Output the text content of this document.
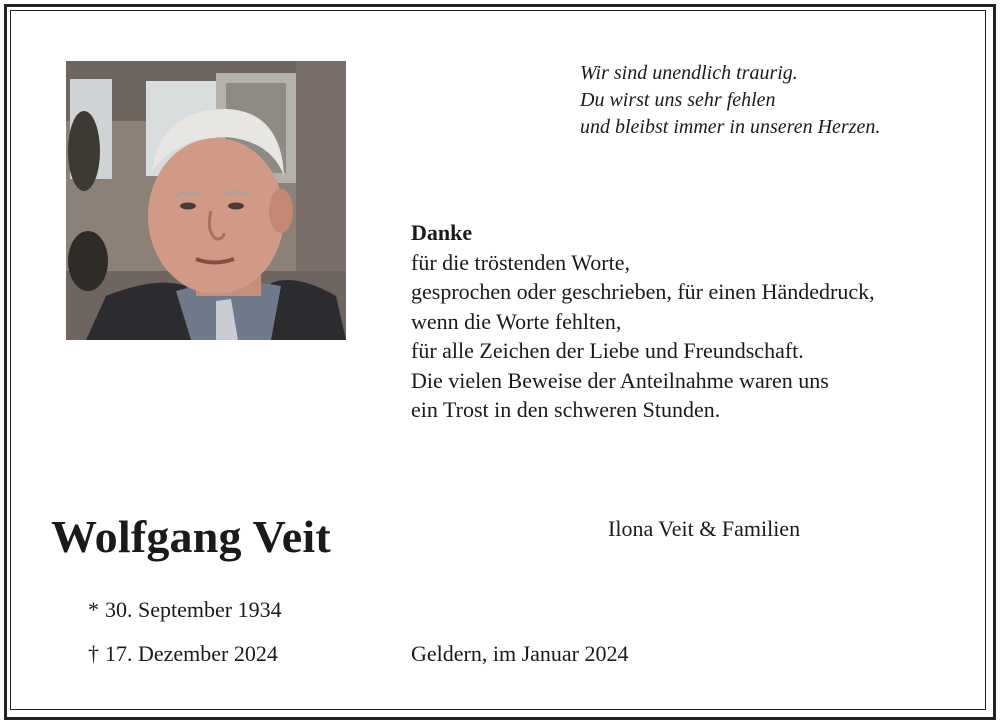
Wir sind unendlich traurig.
Du wirst uns sehr fehlen
und bleibst immer in unseren Herzen.
Danke
für die tröstenden Worte,
gesprochen oder geschrieben, für einen Händedruck,
wenn die Worte fehlten,
für alle Zeichen der Liebe und Freundschaft.
Die vielen Beweise der Anteilnahme waren uns
ein Trost in den schweren Stunden.
Wolfgang Veit	Ilona Veit & Familien
* 30. September 1934
† 17. Dezember 2024	Geldern, im Januar 2024
